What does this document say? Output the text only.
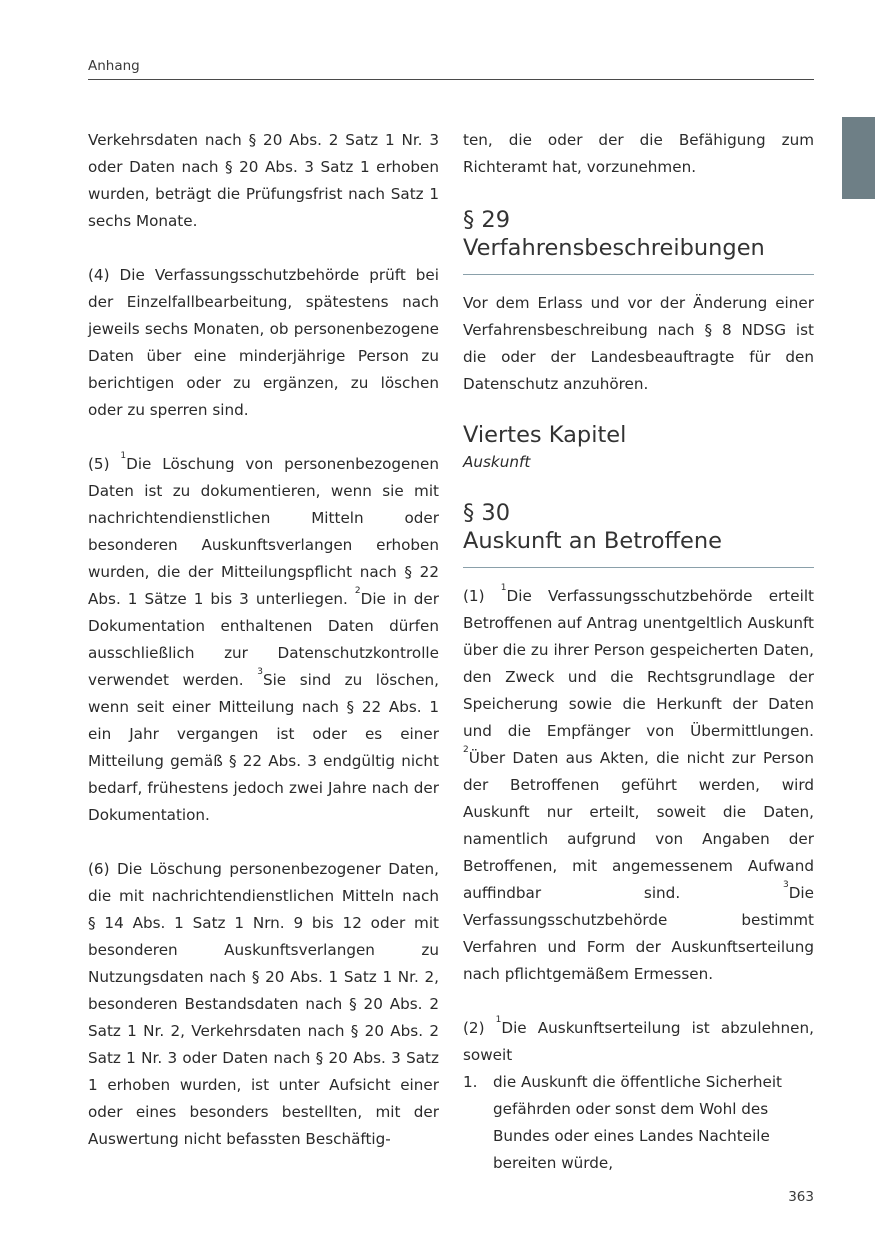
Anhang

Verkehrsdaten nach § 20 Abs. 2 Satz 1 Nr. 3 oder Daten nach § 20 Abs. 3 Satz 1 erhoben wurden, beträgt die Prüfungsfrist nach Satz 1 sechs Monate.

(4) Die Verfassungsschutzbehörde prüft bei der Einzelfallbearbeitung, spätestens nach jeweils sechs Monaten, ob personenbezogene Daten über eine minderjährige Person zu berichtigen oder zu ergänzen, zu löschen oder zu sperren sind.

(5) $^1$Die Löschung von personenbezogenen Daten ist zu dokumentieren, wenn sie mit nachrichtendienstlichen Mitteln oder besonderen Auskunftsverlangen erhoben wurden, die der Mitteilungspflicht nach § 22 Abs. 1 Sätze 1 bis 3 unterliegen. $^2$Die in der Dokumentation enthaltenen Daten dürfen ausschließlich zur Datenschutzkontrolle verwendet werden. $^3$Sie sind zu löschen, wenn seit einer Mitteilung nach § 22 Abs. 1 ein Jahr vergangen ist oder es einer Mitteilung gemäß § 22 Abs. 3 endgültig nicht bedarf, frühestens jedoch zwei Jahre nach der Dokumentation.

(6) Die Löschung personenbezogener Daten, die mit nachrichtendienstlichen Mitteln nach § 14 Abs. 1 Satz 1 Nrn. 9 bis 12 oder mit besonderen Auskunftsverlangen zu Nutzungsdaten nach § 20 Abs. 1 Satz 1 Nr. 2, besonderen Bestandsdaten nach § 20 Abs. 2 Satz 1 Nr. 2, Verkehrsdaten nach § 20 Abs. 2 Satz 1 Nr. 3 oder Daten nach § 20 Abs. 3 Satz 1 erhoben wurden, ist unter Aufsicht einer oder eines besonders bestellten, mit der Auswertung nicht befassten Beschäftig-

ten, die oder der die Befähigung zum Richteramt hat, vorzunehmen.

§ 29
Verfahrensbeschreibungen

Vor dem Erlass und vor der Änderung einer Verfahrensbeschreibung nach § 8 NDSG ist die oder der Landesbeauftragte für den Datenschutz anzuhören.

Viertes Kapitel
Auskunft
§ 30
Auskunft an Betroffene

(1) $^1$Die Verfassungsschutzbehörde erteilt Betroffenen auf Antrag unentgeltlich Auskunft über die zu ihrer Person gespeicherten Daten, den Zweck und die Rechtsgrundlage der Speicherung sowie die Herkunft der Daten und die Empfänger von Übermittlungen. $^2$Über Daten aus Akten, die nicht zur Person der Betroffenen geführt werden, wird Auskunft nur erteilt, soweit die Daten, namentlich aufgrund von Angaben der Betroffenen, mit angemessenem Aufwand auffindbar sind. $^3$Die Verfassungsschutzbehörde bestimmt Verfahren und Form der Auskunftserteilung nach pflichtgemäßem Ermessen.

(2) $^1$Die Auskunftserteilung ist abzulehnen, soweit

1.	die Auskunft die öffentliche Sicherheit gefährden oder sonst dem Wohl des Bundes oder eines Landes Nachteile bereiten würde,
363
